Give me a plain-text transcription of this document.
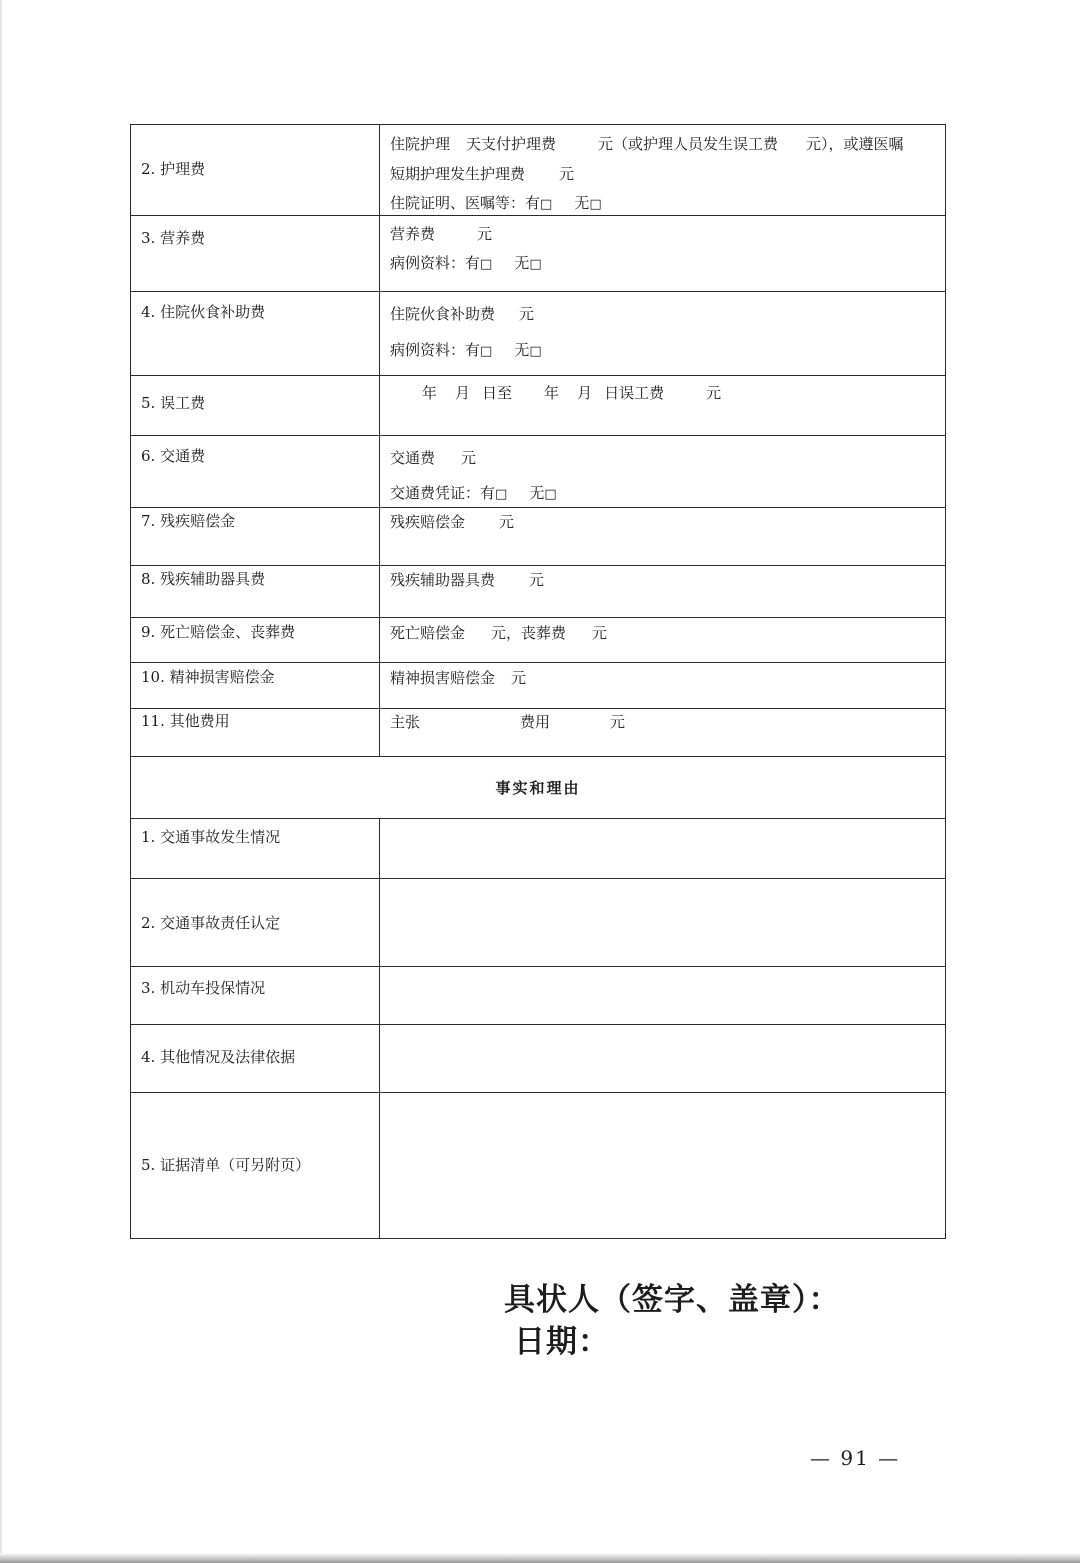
2. 护理费	住院护理 天支付护理费 元（或护理人员发生误工费 元），或遵医嘱
短期护理发生护理费 元
住院证明、医嘱等：有□ 无□

3. 营养费	营养费 元
病例资料：有□ 无□

4. 住院伙食补助费	住院伙食补助费 元
病例资料：有□ 无□

5. 误工费	年 月 日至 年 月 日误工费 元

6. 交通费	交通费 元
交通费凭证：有□ 无□

7. 残疾赔偿金	残疾赔偿金 元

8. 残疾辅助器具费	残疾辅助器具费 元

9. 死亡赔偿金、丧葬费	死亡赔偿金 元，丧葬费 元

10. 精神损害赔偿金	精神损害赔偿金 元

11. 其他费用	主张 费用 元

事实和理由	

1. 交通事故发生情况	

2. 交通事故责任认定	

3. 机动车投保情况	

4. 其他情况及法律依据	

5. 证据清单（可另附页）	

具状人（签字、盖章）：
日期：
— 91 —
